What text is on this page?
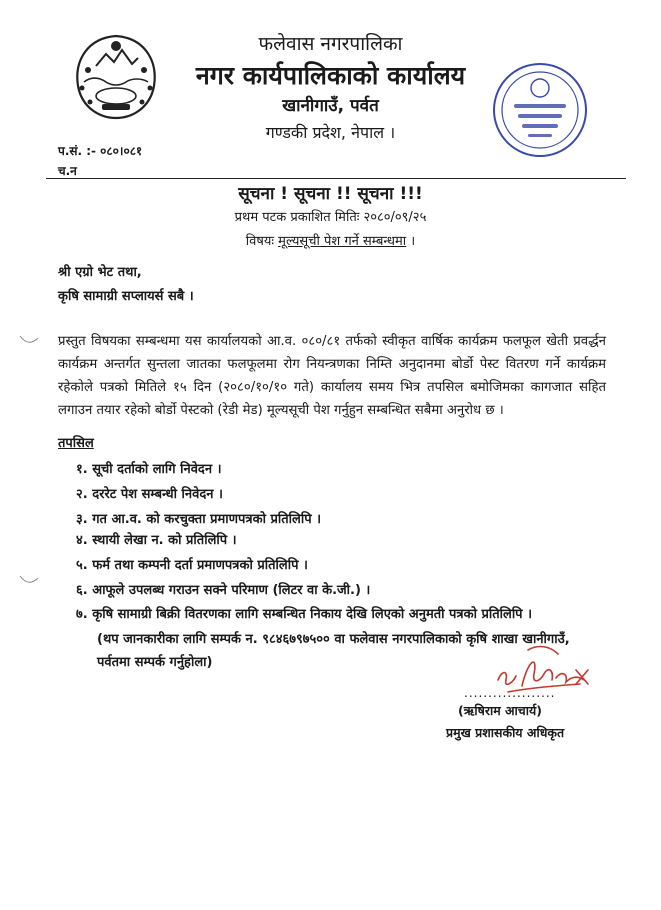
फलेवास नगरपालिका
नगर कार्यपालिकाको कार्यालय
खानीगाउँ, पर्वत
गण्डकी प्रदेश, नेपाल ।
प.सं. :- ०८०।०८१
च.न
सूचना ! सूचना !! सूचना !!!
प्रथम पटक प्रकाशित मितिः २०८०/०९/२५
विषयः मूल्यसूची पेश गर्ने सम्बन्धमा ।
श्री एग्रो भेट तथा,
कृषि सामाग्री सप्लायर्स सबै ।
प्रस्तुत विषयका सम्बन्धमा यस कार्यालयको आ.व. ०८०/८१ तर्फको स्वीकृत वार्षिक कार्यक्रम फलफूल खेती प्रवर्द्धन कार्यक्रम अन्तर्गत सुन्तला जातका फलफूलमा रोग नियन्त्रणका निम्ति अनुदानमा बोर्डो पेस्ट वितरण गर्ने कार्यक्रम रहेकोले पत्रको मितिले १५ दिन (२०८०/१०/१० गते) कार्यालय समय भित्र तपसिल बमोजिमका कागजात सहित लगाउन तयार रहेको बोर्डो पेस्टको (रेडी मेड) मूल्यसूची पेश गर्नुहुन सम्बन्धित सबैमा अनुरोध छ ।
तपसिल
१. सूची दर्ताको लागि निवेदन ।
२. दररेट पेश सम्बन्धी निवेदन ।
३. गत आ.व. को करचुक्ता प्रमाणपत्रको प्रतिलिपि ।
४. स्थायी लेखा न. को प्रतिलिपि ।
५. फर्म तथा कम्पनी दर्ता प्रमाणपत्रको प्रतिलिपि ।
६. आफूले उपलब्ध गराउन सक्ने परिमाण (लिटर वा के.जी.) ।
७. कृषि सामाग्री बिक्री वितरणका लागि सम्बन्धित निकाय देखि लिएको अनुमती पत्रको प्रतिलिपि ।
(थप जानकारीका लागि सम्पर्क न. ९८४६७९७५०० वा फलेवास नगरपालिकाको कृषि शाखा खानीगाउँ, पर्वतमा सम्पर्क गर्नुहोला)
...................
(ऋषिराम आचार्य)
प्रमुख प्रशासकीय अधिकृत
